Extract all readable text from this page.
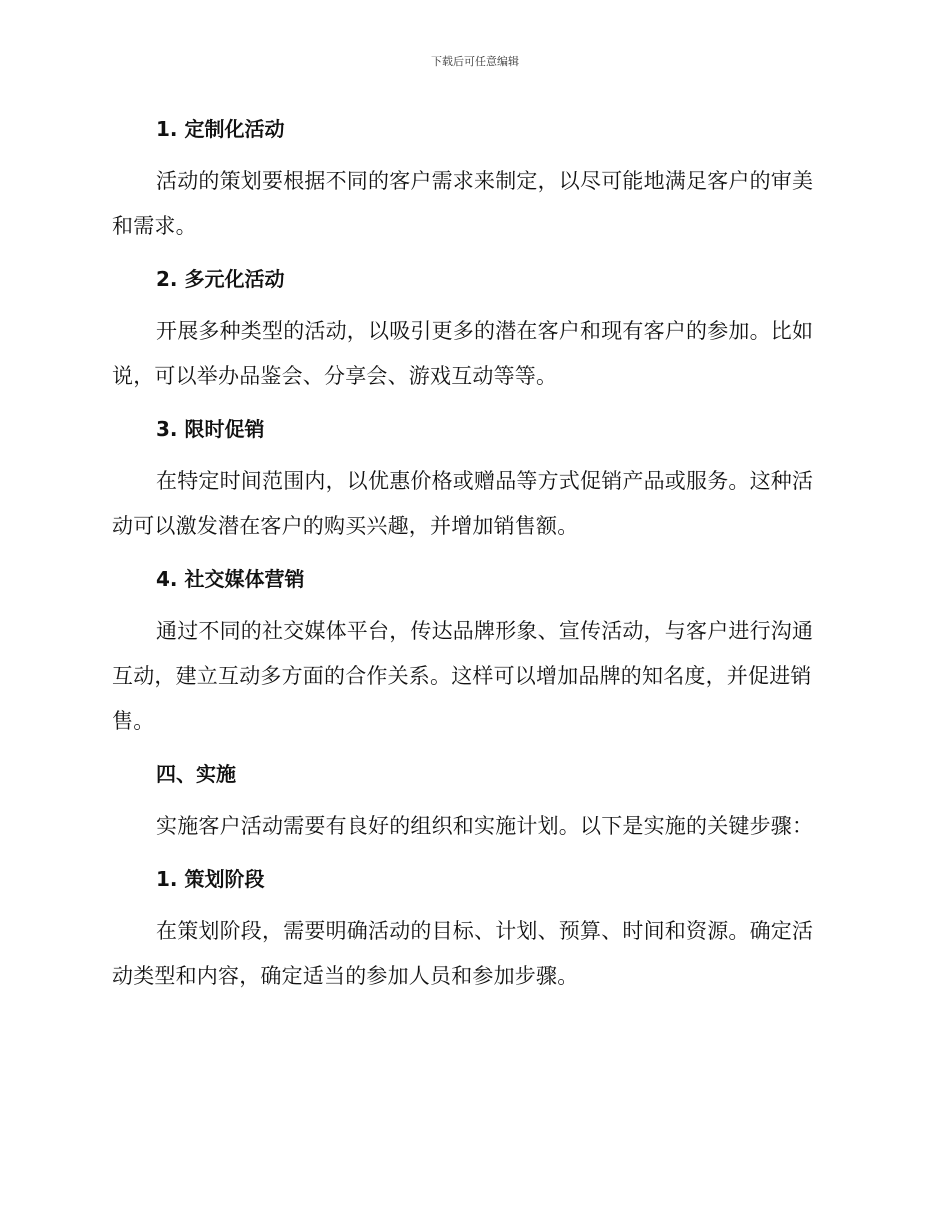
下载后可任意编辑
1. 定制化活动
活动的策划要根据不同的客户需求来制定，以尽可能地满足客户的审美
和需求。
2. 多元化活动
开展多种类型的活动，以吸引更多的潜在客户和现有客户的参加。比如
说，可以举办品鉴会、分享会、游戏互动等等。
3. 限时促销
在特定时间范围内，以优惠价格或赠品等方式促销产品或服务。这种活
动可以激发潜在客户的购买兴趣，并增加销售额。
4. 社交媒体营销
通过不同的社交媒体平台，传达品牌形象、宣传活动，与客户进行沟通
互动，建立互动多方面的合作关系。这样可以增加品牌的知名度，并促进销
售。
四、实施
实施客户活动需要有良好的组织和实施计划。以下是实施的关键步骤：
1. 策划阶段
在策划阶段，需要明确活动的目标、计划、预算、时间和资源。确定活
动类型和内容，确定适当的参加人员和参加步骤。
